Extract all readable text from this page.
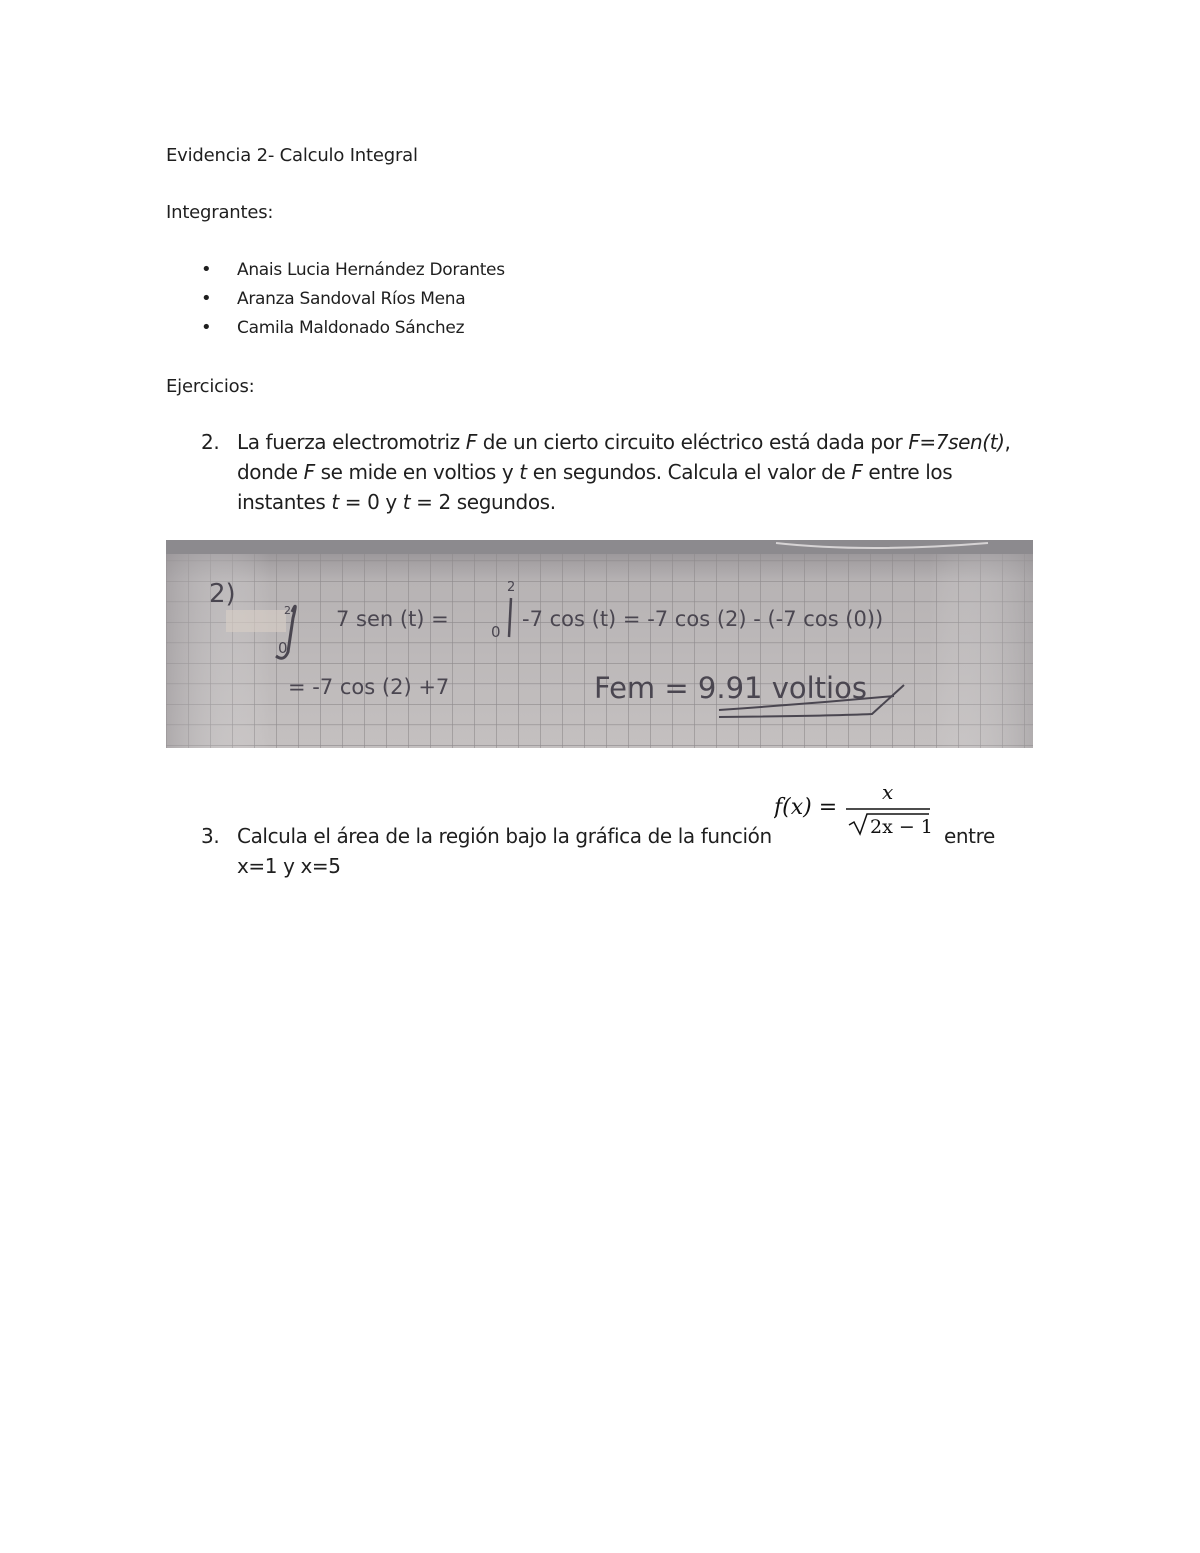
Evidencia 2- Calculo Integral
Integrantes:
• Anais Lucia Hernández Dorantes
• Aranza Sandoval Ríos Mena
• Camila Maldonado Sánchez
Ejercicios:
2. La fuerza electromotriz F de un cierto circuito eléctrico está dada por F=7sen(t),
donde F se mide en voltios y t en segundos. Calcula el valor de F entre los
instantes t = 0 y t = 2 segundos.
2)
0
2 7 sen (t) =
0
2
-7 cos (t) = -7 cos (2) - (-7 cos (0))
= -7 cos (2) +7	Fem = 9.91 voltios
3. Calcula el área de la región bajo la gráfica de la función
x=1 y x=5
entre
f(x) =
x
2x − 1
